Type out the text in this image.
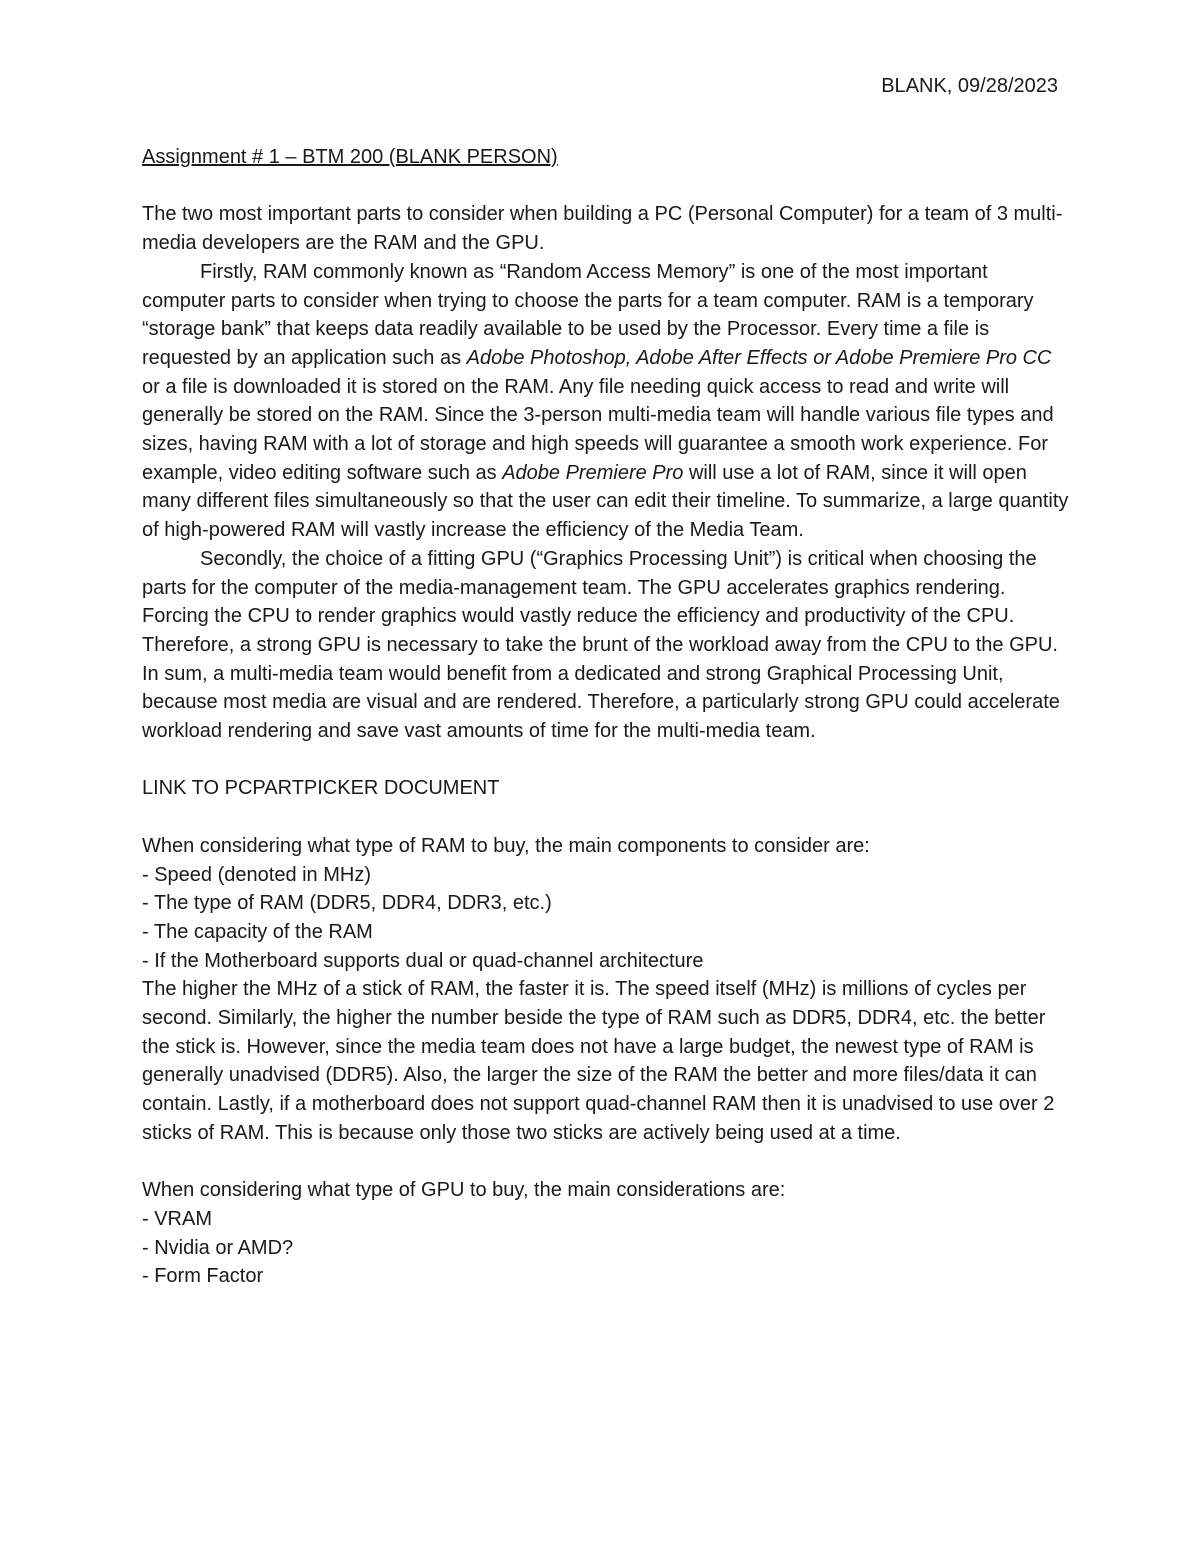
BLANK, 09/28/2023

Assignment # 1 – BTM 200 (BLANK PERSON)

The two most important parts to consider when building a PC (Personal Computer) for a team of 3 multi-media developers are the RAM and the GPU.

Firstly, RAM commonly known as “Random Access Memory” is one of the most important computer parts to consider when trying to choose the parts for a team computer. RAM is a temporary “storage bank” that keeps data readily available to be used by the Processor. Every time a file is requested by an application such as Adobe Photoshop, Adobe After Effects or Adobe Premiere Pro CC or a file is downloaded it is stored on the RAM. Any file needing quick access to read and write will generally be stored on the RAM. Since the 3-person multi-media team will handle various file types and sizes, having RAM with a lot of storage and high speeds will guarantee a smooth work experience. For example, video editing software such as Adobe Premiere Pro will use a lot of RAM, since it will open many different files simultaneously so that the user can edit their timeline. To summarize, a large quantity of high-powered RAM will vastly increase the efficiency of the Media Team.

Secondly, the choice of a fitting GPU (“Graphics Processing Unit”) is critical when choosing the parts for the computer of the media-management team. The GPU accelerates graphics rendering. Forcing the CPU to render graphics would vastly reduce the efficiency and productivity of the CPU. Therefore, a strong GPU is necessary to take the brunt of the workload away from the CPU to the GPU. In sum, a multi-media team would benefit from a dedicated and strong Graphical Processing Unit, because most media are visual and are rendered. Therefore, a particularly strong GPU could accelerate workload rendering and save vast amounts of time for the multi-media team.

LINK TO PCPARTPICKER DOCUMENT

When considering what type of RAM to buy, the main components to consider are:

- Speed (denoted in MHz)

- The type of RAM (DDR5, DDR4, DDR3, etc.)

- The capacity of the RAM

- If the Motherboard supports dual or quad-channel architecture

The higher the MHz of a stick of RAM, the faster it is. The speed itself (MHz) is millions of cycles per second. Similarly, the higher the number beside the type of RAM such as DDR5, DDR4, etc. the better the stick is. However, since the media team does not have a large budget, the newest type of RAM is generally unadvised (DDR5). Also, the larger the size of the RAM the better and more files/data it can contain. Lastly, if a motherboard does not support quad-channel RAM then it is unadvised to use over 2 sticks of RAM. This is because only those two sticks are actively being used at a time.

When considering what type of GPU to buy, the main considerations are:

- VRAM

- Nvidia or AMD?

- Form Factor
